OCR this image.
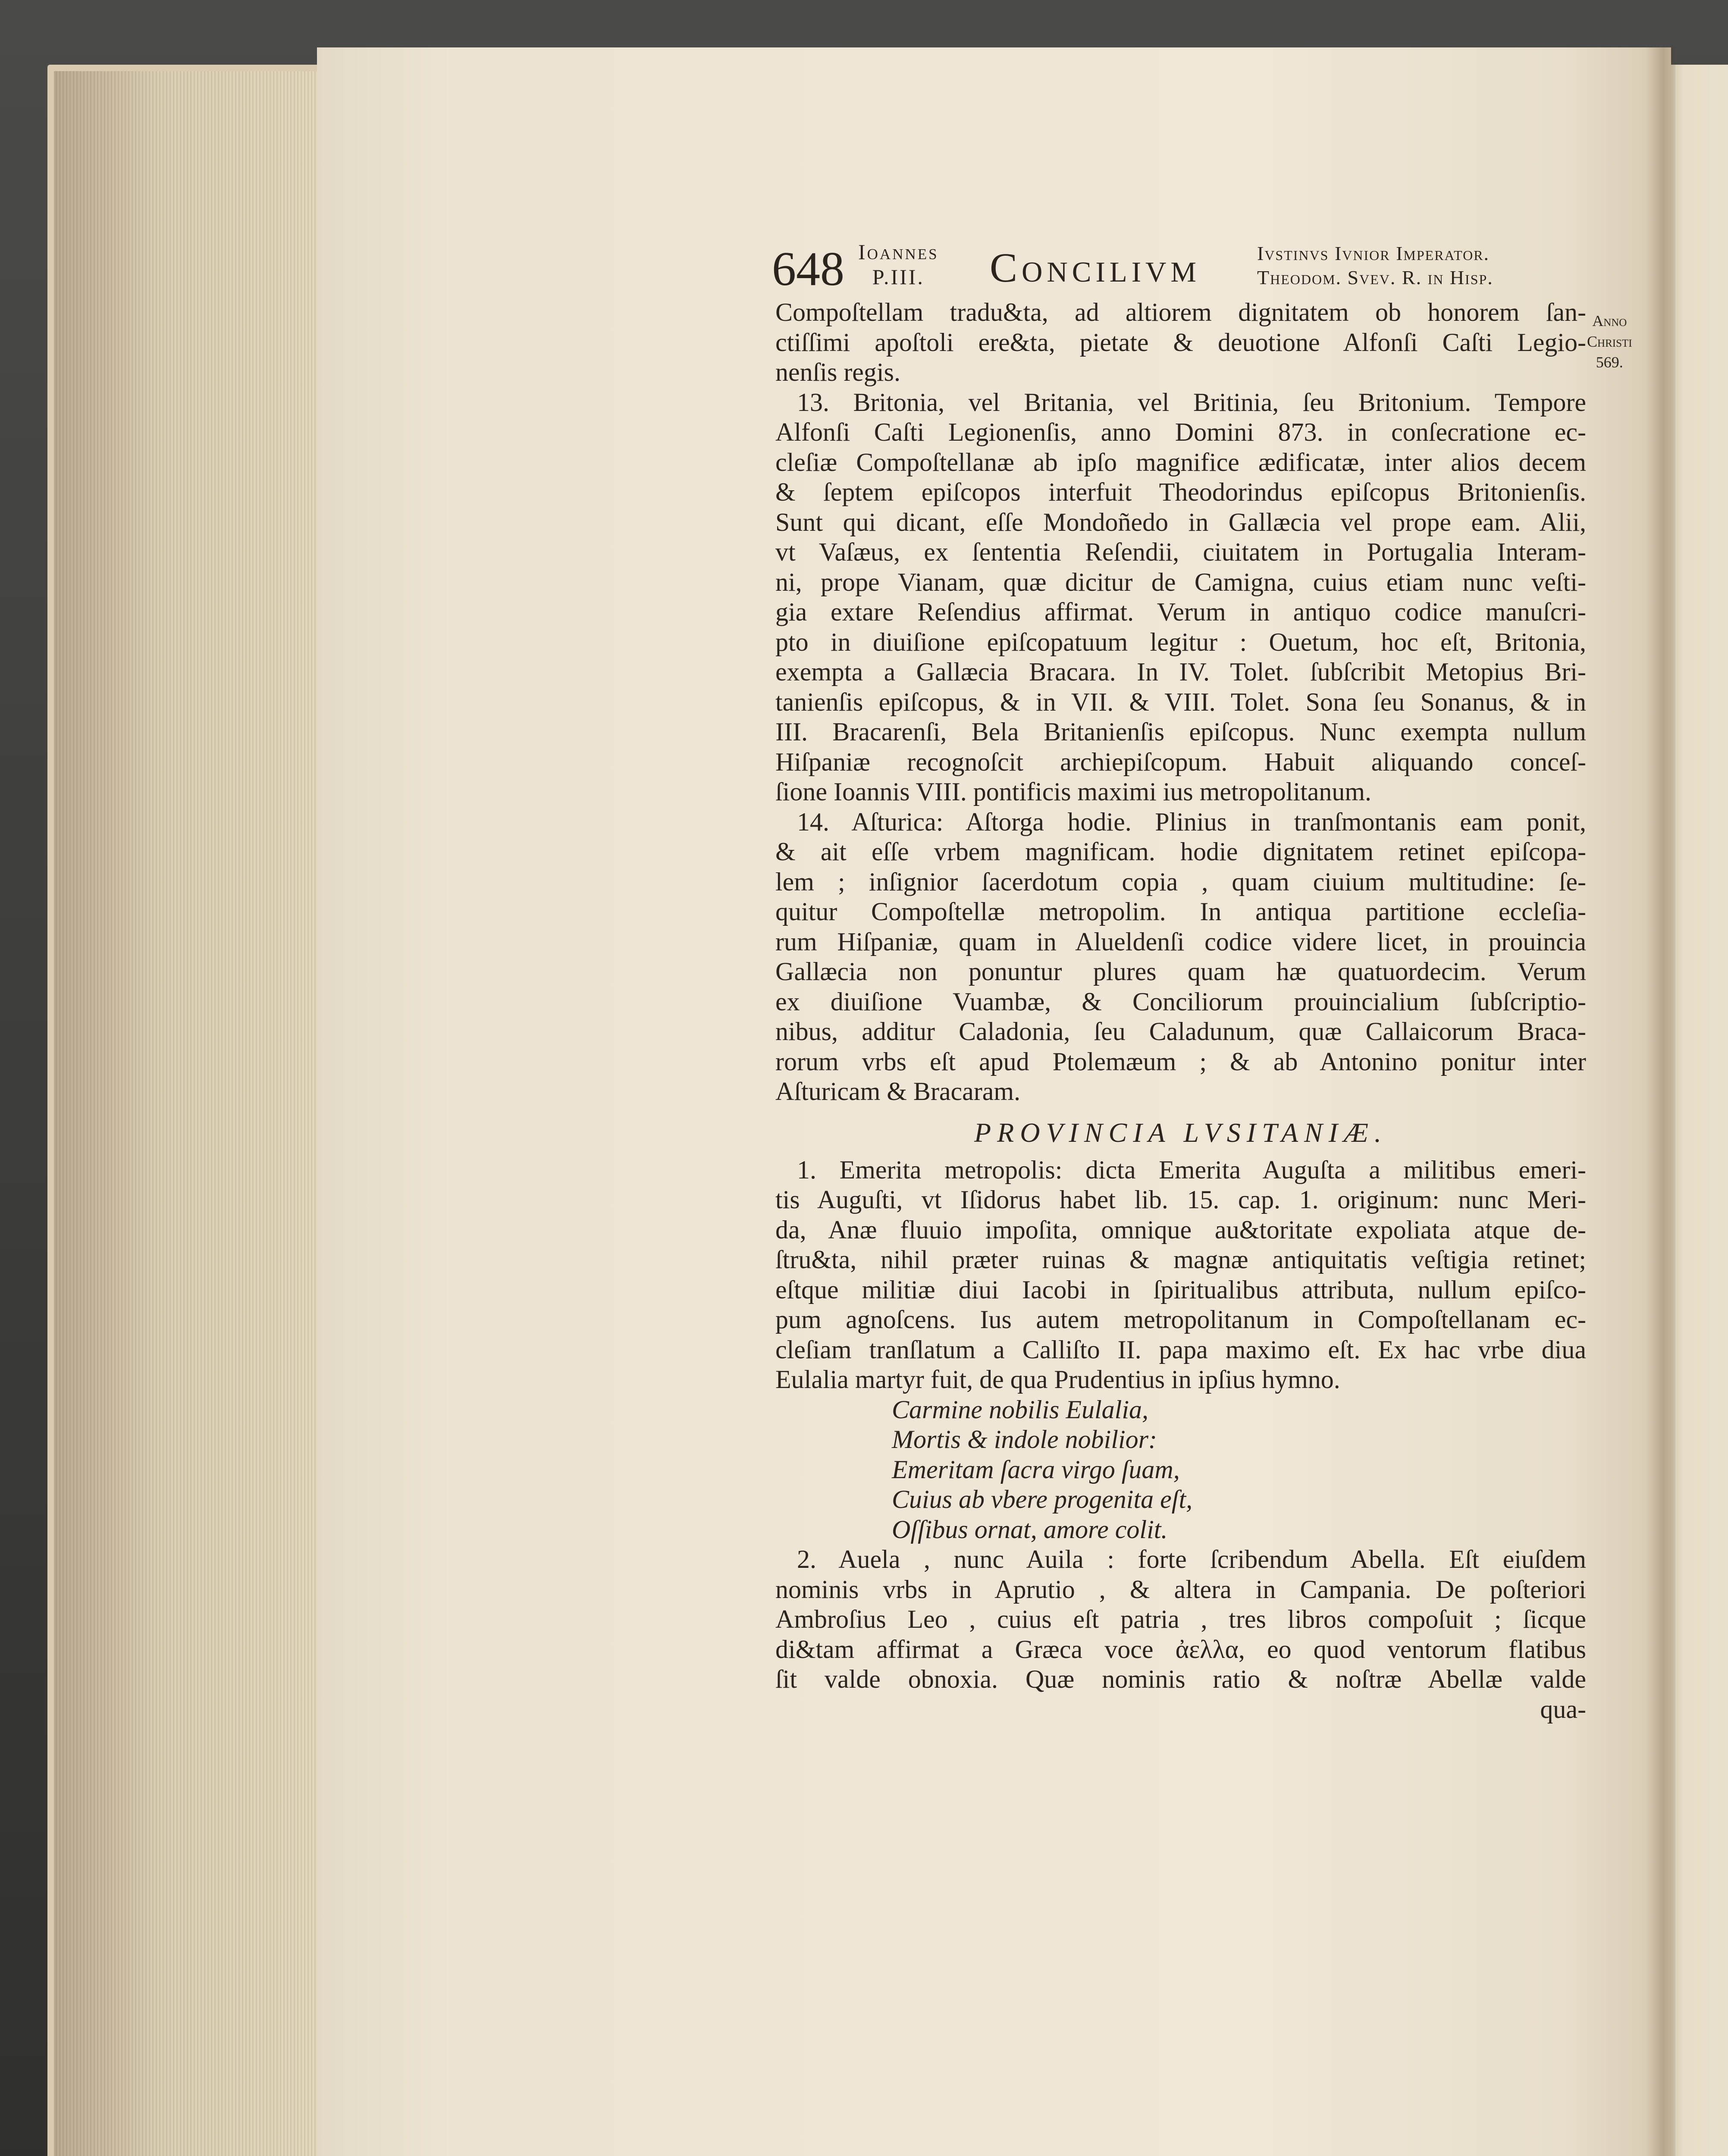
648 Ioannes
P.III.	Concilivm	Ivstinvs Ivnior Imperator.
Theodom. Svev. R. in Hisp.
Anno
Christi
569.
Compoſtellam tradu&ta, ad altiorem dignitatem ob honorem ſan-
ctiſſimi apoſtoli ere&ta, pietate & deuotione Alfonſi Caſti Legio-
nenſis regis.
13. Britonia, vel Britania, vel Britinia, ſeu Britonium. Tempore
Alfonſi Caſti Legionenſis, anno Domini 873. in conſecratione ec-
cleſiæ Compoſtellanæ ab ipſo magnifice ædificatæ, inter alios decem
& ſeptem epiſcopos interfuit Theodorindus epiſcopus Britonienſis.
Sunt qui dicant, eſſe Mondoñedo in Gallæcia vel prope eam. Alii,
vt Vaſæus, ex ſententia Reſendii, ciuitatem in Portugalia Interam-
ni, prope Vianam, quæ dicitur de Camigna, cuius etiam nunc veſti-
gia extare Reſendius affirmat. Verum in antiquo codice manuſcri-
pto in diuiſione epiſcopatuum legitur : Ouetum, hoc eſt, Britonia,
exempta a Gallæcia Bracara. In IV. Tolet. ſubſcribit Metopius Bri-
tanienſis epiſcopus, & in VII. & VIII. Tolet. Sona ſeu Sonanus, & in
III. Bracarenſi, Bela Britanienſis epiſcopus. Nunc exempta nullum
Hiſpaniæ recognoſcit archiepiſcopum. Habuit aliquando conceſ-
ſione Ioannis VIII. pontificis maximi ius metropolitanum.
14. Aſturica: Aſtorga hodie. Plinius in tranſmontanis eam ponit,
& ait eſſe vrbem magnificam. hodie dignitatem retinet epiſcopa-
lem ; inſignior ſacerdotum copia , quam ciuium multitudine: ſe-
quitur Compoſtellæ metropolim. In antiqua partitione eccleſia-
rum Hiſpaniæ, quam in Alueldenſi codice videre licet, in prouincia
Gallæcia non ponuntur plures quam hæ quatuordecim. Verum
ex diuiſione Vuambæ, & Conciliorum prouincialium ſubſcriptio-
nibus, additur Caladonia, ſeu Caladunum, quæ Callaicorum Braca-
rorum vrbs eſt apud Ptolemæum ; & ab Antonino ponitur inter
Aſturicam & Bracaram.
PROVINCIA LVSITANIÆ.
1. Emerita metropolis: dicta Emerita Auguſta a militibus emeri-
tis Auguſti, vt Iſidorus habet lib. 15. cap. 1. originum: nunc Meri-
da, Anæ fluuio impoſita, omnique au&toritate expoliata atque de-
ſtru&ta, nihil præter ruinas & magnæ antiquitatis veſtigia retinet;
eſtque militiæ diui Iacobi in ſpiritualibus attributa, nullum epiſco-
pum agnoſcens. Ius autem metropolitanum in Compoſtellanam ec-
cleſiam tranſlatum a Calliſto II. papa maximo eſt. Ex hac vrbe diua
Eulalia martyr fuit, de qua Prudentius in ipſius hymno.
Carmine nobilis Eulalia,
Mortis & indole nobilior:
Emeritam ſacra virgo ſuam,
Cuius ab vbere progenita eſt,
Oſſibus ornat, amore colit.
2. Auela , nunc Auila : forte ſcribendum Abella. Eſt eiuſdem
nominis vrbs in Aprutio , & altera in Campania. De poſteriori
Ambroſius Leo , cuius eſt patria , tres libros compoſuit ; ſicque
di&tam affirmat a Græca voce ἀελλα, eo quod ventorum flatibus
ſit valde obnoxia. Quæ nominis ratio & noſtræ Abellæ valde
qua-
